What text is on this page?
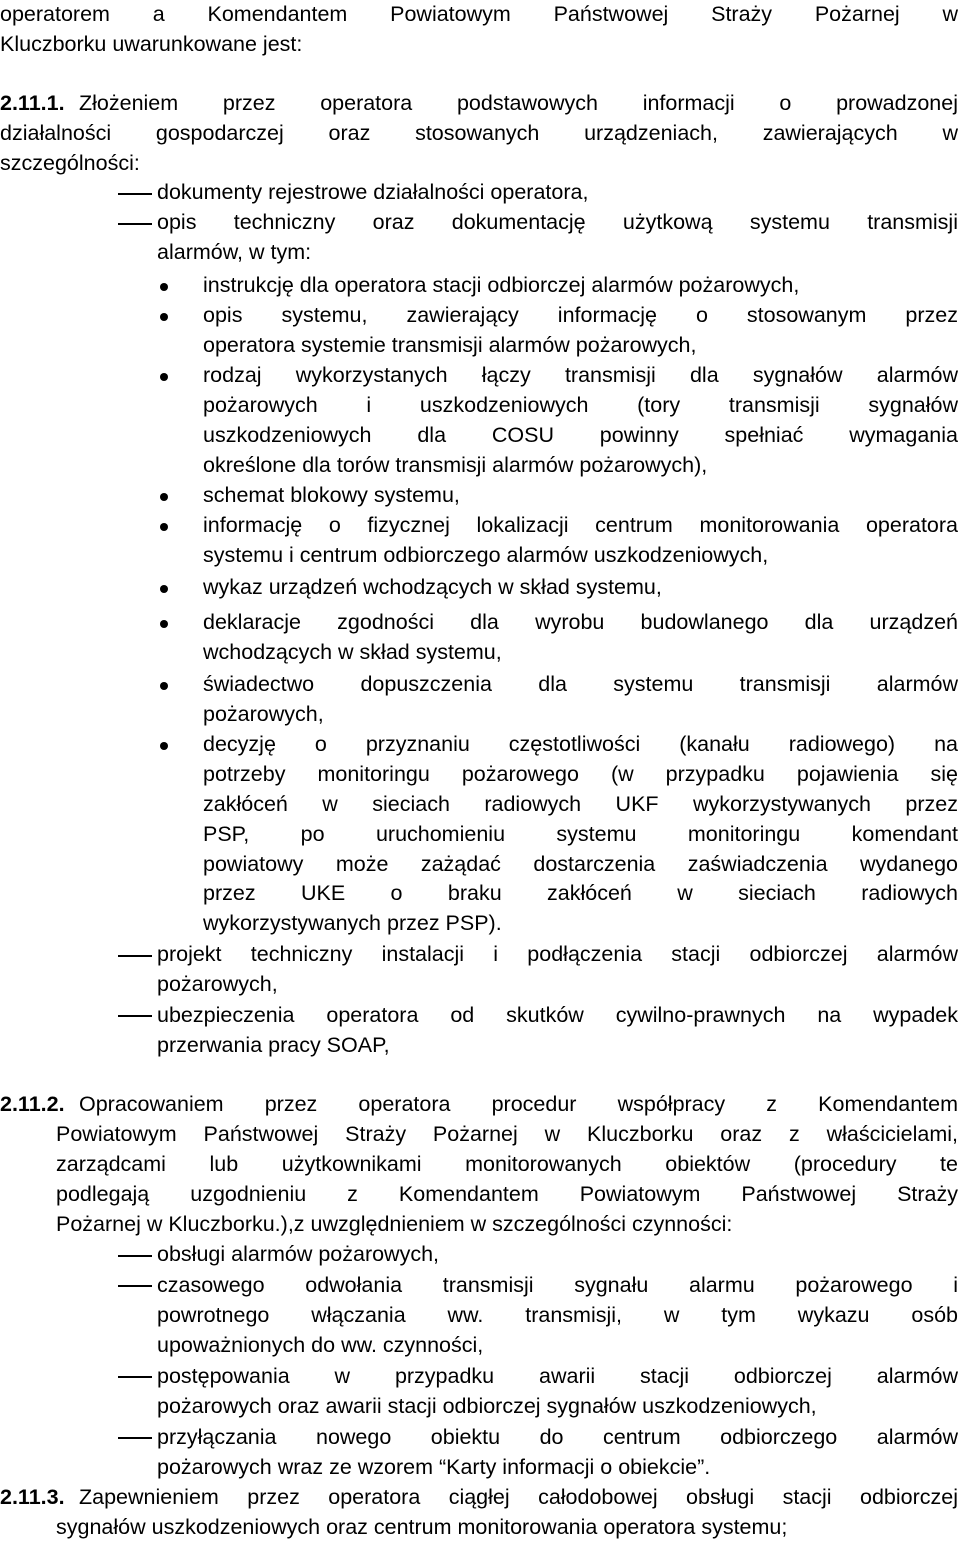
operatorem a Komendantem Powiatowym Państwowej Straży Pożarnej w
Kluczborku uwarunkowane jest:
2.11.1. Złożeniem przez operatora podstawowych informacji o prowadzonej
działalności gospodarczej oraz stosowanych urządzeniach, zawierających w
szczególności:
dokumenty rejestrowe działalności operatora,
opis techniczny oraz dokumentację użytkową systemu transmisji
alarmów, w tym:
instrukcję dla operatora stacji odbiorczej alarmów pożarowych,
opis systemu, zawierający informację o stosowanym przez
operatora systemie transmisji alarmów pożarowych,
rodzaj wykorzystanych łączy transmisji dla sygnałów alarmów
pożarowych i uszkodzeniowych (tory transmisji sygnałów
uszkodzeniowych dla COSU powinny spełniać wymagania
określone dla torów transmisji alarmów pożarowych),
schemat blokowy systemu,
informację o fizycznej lokalizacji centrum monitorowania operatora
systemu i centrum odbiorczego alarmów uszkodzeniowych,
wykaz urządzeń wchodzących w skład systemu,
deklaracje zgodności dla wyrobu budowlanego dla urządzeń
wchodzących w skład systemu,
świadectwo dopuszczenia dla systemu transmisji alarmów
pożarowych,
decyzję o przyznaniu częstotliwości (kanału radiowego) na
potrzeby monitoringu pożarowego (w przypadku pojawienia się
zakłóceń w sieciach radiowych UKF wykorzystywanych przez
PSP, po uruchomieniu systemu monitoringu komendant
powiatowy może zażądać dostarczenia zaświadczenia wydanego
przez UKE o braku zakłóceń w sieciach radiowych
wykorzystywanych przez PSP).
projekt techniczny instalacji i podłączenia stacji odbiorczej alarmów
pożarowych,
ubezpieczenia operatora od skutków cywilno-prawnych na wypadek
przerwania pracy SOAP,
2.11.2. Opracowaniem przez operatora procedur współpracy z Komendantem
Powiatowym Państwowej Straży Pożarnej w Kluczborku oraz z właścicielami,
zarządcami lub użytkownikami monitorowanych obiektów (procedury te
podlegają uzgodnieniu z Komendantem Powiatowym Państwowej Straży
Pożarnej w Kluczborku.),z uwzględnieniem w szczególności czynności:
obsługi alarmów pożarowych,
czasowego odwołania transmisji sygnału alarmu pożarowego i
powrotnego włączania ww. transmisji, w tym wykazu osób
upoważnionych do ww. czynności,
postępowania w przypadku awarii stacji odbiorczej alarmów
pożarowych oraz awarii stacji odbiorczej sygnałów uszkodzeniowych,
przyłączania nowego obiektu do centrum odbiorczego alarmów
pożarowych wraz ze wzorem “Karty informacji o obiekcie”.
2.11.3. Zapewnieniem przez operatora ciągłej całodobowej obsługi stacji odbiorczej
sygnałów uszkodzeniowych oraz centrum monitorowania operatora systemu;
